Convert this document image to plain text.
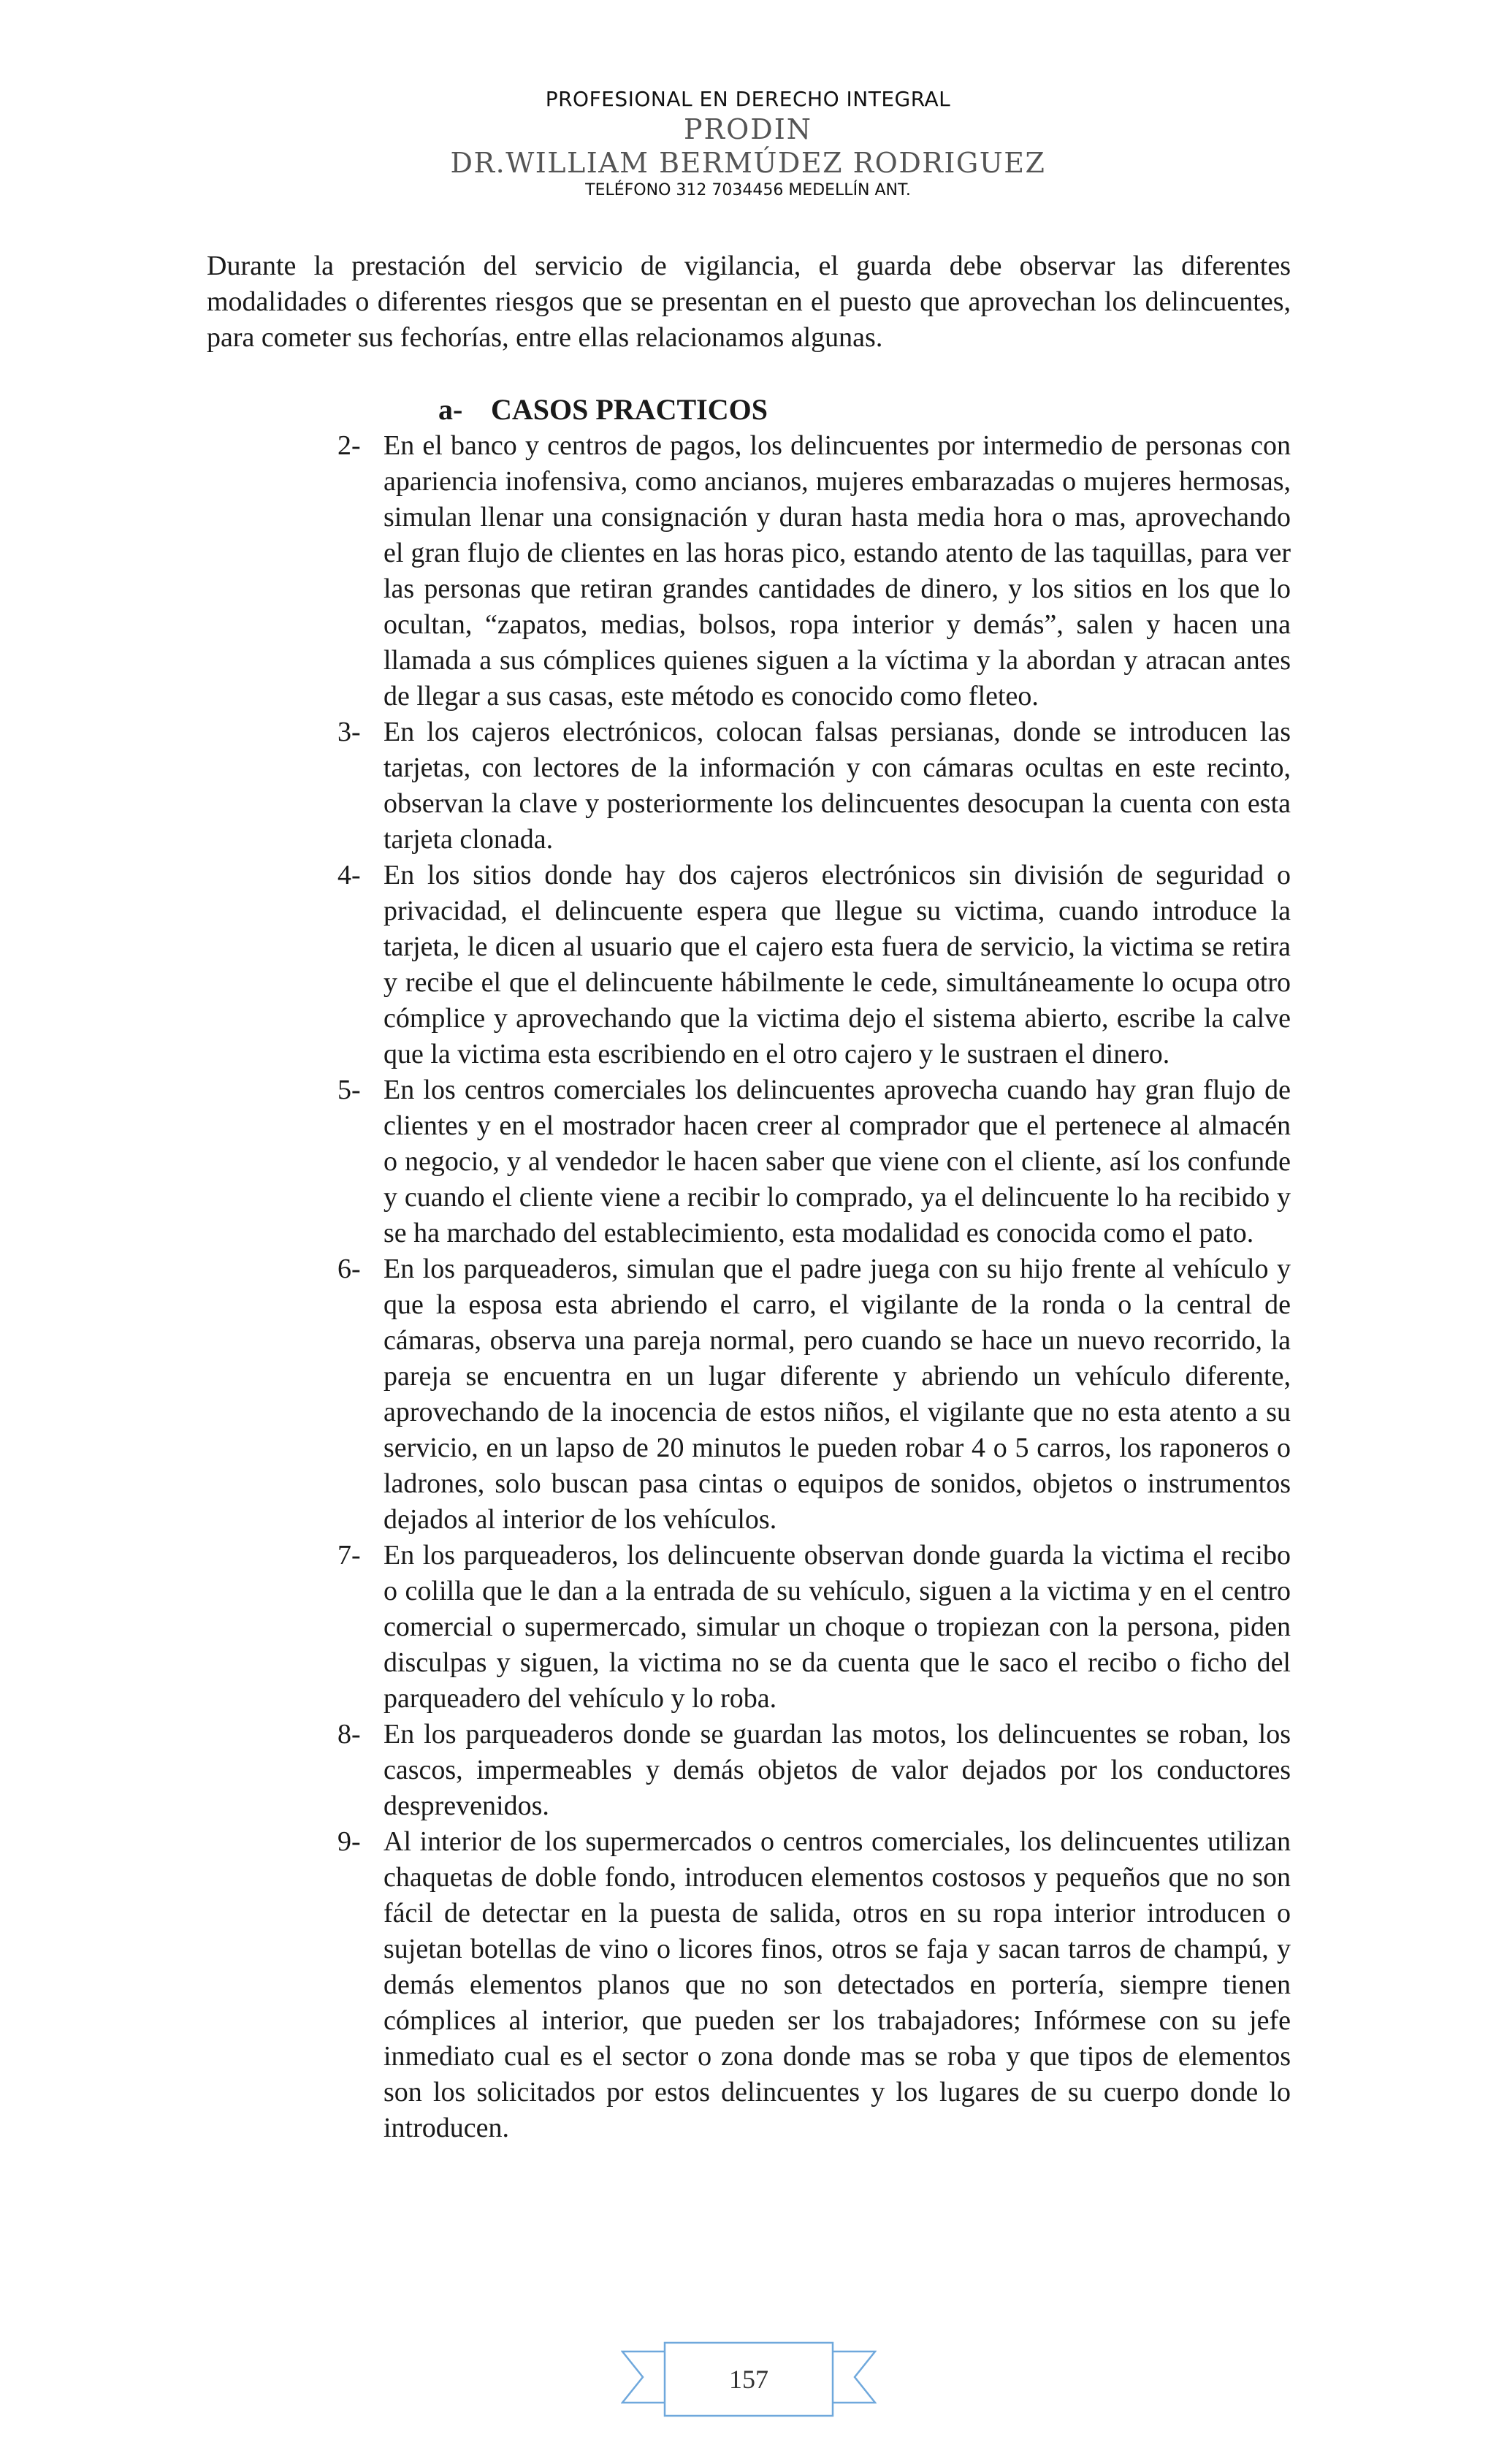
PROFESIONAL EN DERECHO INTEGRAL
PRODIN
DR.WILLIAM BERMÚDEZ RODRIGUEZ
TELÉFONO 312 7034456 MEDELLÍN ANT.

Durante la prestación del servicio de vigilancia, el guarda debe observar las diferentes modalidades o diferentes riesgos que se presentan en el puesto que aprovechan los delincuentes, para cometer sus fechorías, entre ellas relacionamos algunas.

a- CASOS PRACTICOS
2- En el banco y centros de pagos, los delincuentes por intermedio de personas con apariencia inofensiva, como ancianos, mujeres embarazadas o mujeres hermosas, simulan llenar una consignación y duran hasta media hora o mas, aprovechando el gran flujo de clientes en las horas pico, estando atento de las taquillas, para ver las personas que retiran grandes cantidades de dinero, y los sitios en los que lo ocultan, “zapatos, medias, bolsos, ropa interior y demás”, salen y hacen una llamada a sus cómplices quienes siguen a la víctima y la abordan y atracan antes de llegar a sus casas, este método es conocido como fleteo.
3- En los cajeros electrónicos, colocan falsas persianas, donde se introducen las tarjetas, con lectores de la información y con cámaras ocultas en este recinto, observan la clave y posteriormente los delincuentes desocupan la cuenta con esta tarjeta clonada.
4- En los sitios donde hay dos cajeros electrónicos sin división de seguridad o privacidad, el delincuente espera que llegue su victima, cuando introduce la tarjeta, le dicen al usuario que el cajero esta fuera de servicio, la victima se retira y recibe el que el delincuente hábilmente le cede, simultáneamente lo ocupa otro cómplice y aprovechando que la victima dejo el sistema abierto, escribe la calve que la victima esta escribiendo en el otro cajero y le sustraen el dinero.
5- En los centros comerciales los delincuentes aprovecha cuando hay gran flujo de clientes y en el mostrador hacen creer al comprador que el pertenece al almacén o negocio, y al vendedor le hacen saber que viene con el cliente, así los confunde y cuando el cliente viene a recibir lo comprado, ya el delincuente lo ha recibido y se ha marchado del establecimiento, esta modalidad es conocida como el pato.
6- En los parqueaderos, simulan que el padre juega con su hijo frente al vehículo y que la esposa esta abriendo el carro, el vigilante de la ronda o la central de cámaras, observa una pareja normal, pero cuando se hace un nuevo recorrido, la pareja se encuentra en un lugar diferente y abriendo un vehículo diferente, aprovechando de la inocencia de estos niños, el vigilante que no esta atento a su servicio, en un lapso de 20 minutos le pueden robar 4 o 5 carros, los raponeros o ladrones, solo buscan pasa cintas o equipos de sonidos, objetos o instrumentos dejados al interior de los vehículos.
7- En los parqueaderos, los delincuente observan donde guarda la victima el recibo o colilla que le dan a la entrada de su vehículo, siguen a la victima y en el centro comercial o supermercado, simular un choque o tropiezan con la persona, piden disculpas y siguen, la victima no se da cuenta que le saco el recibo o ficho del parqueadero del vehículo y lo roba.
8- En los parqueaderos donde se guardan las motos, los delincuentes se roban, los cascos, impermeables y demás objetos de valor dejados por los conductores desprevenidos.
9- Al interior de los supermercados o centros comerciales, los delincuentes utilizan chaquetas de doble fondo, introducen elementos costosos y pequeños que no son fácil de detectar en la puesta de salida, otros en su ropa interior introducen o sujetan botellas de vino o licores finos, otros se faja y sacan tarros de champú, y demás elementos planos que no son detectados en portería, siempre tienen cómplices al interior, que pueden ser los trabajadores; Infórmese con su jefe inmediato cual es el sector o zona donde mas se roba y que tipos de elementos son los solicitados por estos delincuentes y los lugares de su cuerpo donde lo introducen.
157
